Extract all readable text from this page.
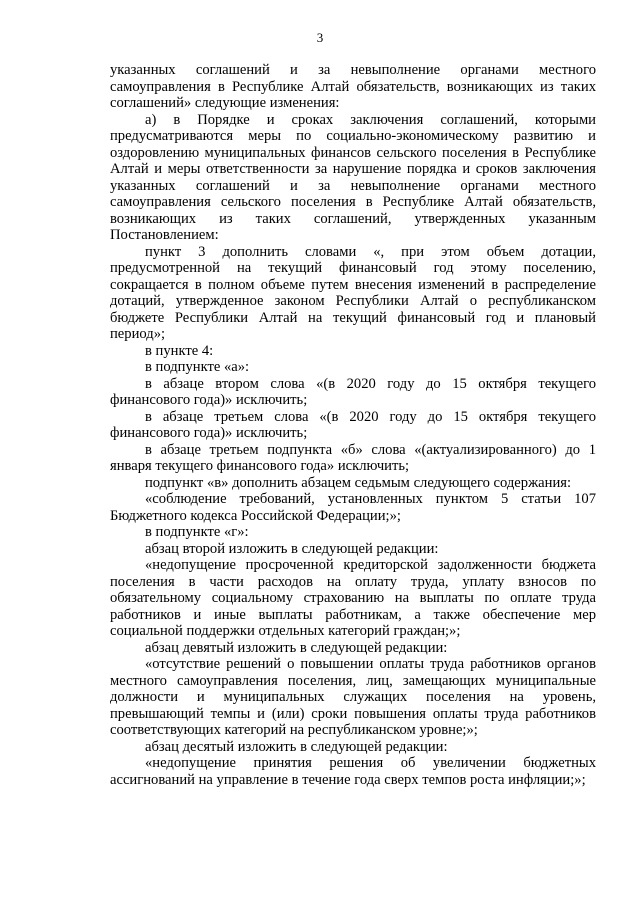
3

указанных соглашений и за невыполнение органами местного самоуправления в Республике Алтай обязательств, возникающих из таких соглашений» следующие изменения:

а) в Порядке и сроках заключения соглашений, которыми предусматриваются меры по социально-экономическому развитию и оздоровлению муниципальных финансов сельского поселения в Республике Алтай и меры ответственности за нарушение порядка и сроков заключения указанных соглашений и за невыполнение органами местного самоуправления сельского поселения в Республике Алтай обязательств, возникающих из таких соглашений, утвержденных указанным Постановлением:

пункт 3 дополнить словами «, при этом объем дотации, предусмотренной на текущий финансовый год этому поселению, сокращается в полном объеме путем внесения изменений в распределение дотаций, утвержденное законом Республики Алтай о республиканском бюджете Республики Алтай на текущий финансовый год и плановый период»;

в пункте 4:

в подпункте «а»:

в абзаце втором слова «(в 2020 году до 15 октября текущего финансового года)» исключить;

в абзаце третьем слова «(в 2020 году до 15 октября текущего финансового года)» исключить;

в абзаце третьем подпункта «б» слова «(актуализированного) до 1 января текущего финансового года» исключить;

подпункт «в» дополнить абзацем седьмым следующего содержания:

«соблюдение требований, установленных пунктом 5 статьи 107 Бюджетного кодекса Российской Федерации;»;

в подпункте «г»:

абзац второй изложить в следующей редакции:

«недопущение просроченной кредиторской задолженности бюджета поселения в части расходов на оплату труда, уплату взносов по обязательному социальному страхованию на выплаты по оплате труда работников и иные выплаты работникам, а также обеспечение мер социальной поддержки отдельных категорий граждан;»;

абзац девятый изложить в следующей редакции:

«отсутствие решений о повышении оплаты труда работников органов местного самоуправления поселения, лиц, замещающих муниципальные должности и муниципальных служащих поселения на уровень, превышающий темпы и (или) сроки повышения оплаты труда работников соответствующих категорий на республиканском уровне;»;

абзац десятый изложить в следующей редакции:

«недопущение принятия решения об увеличении бюджетных ассигнований на управление в течение года сверх темпов роста инфляции;»;
